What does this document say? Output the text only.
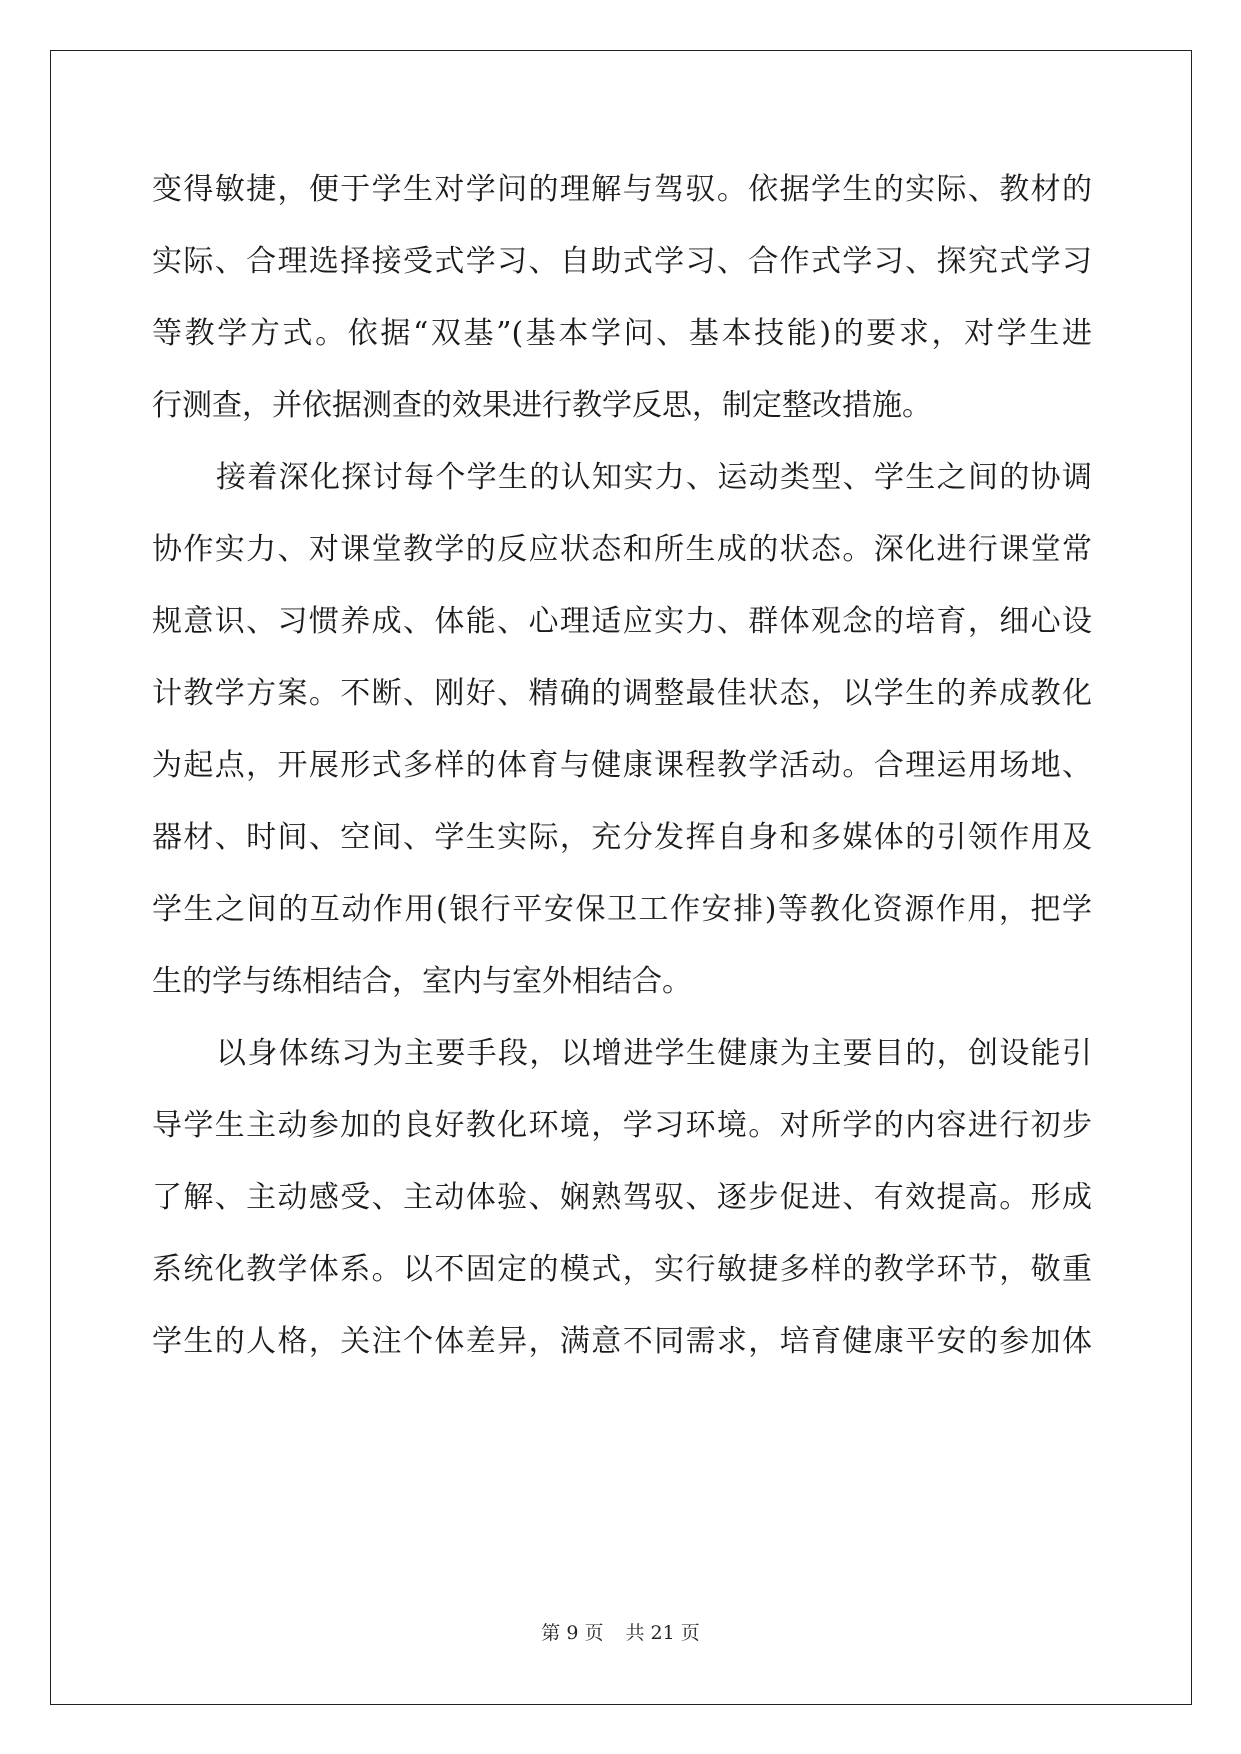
变得敏捷，便于学生对学问的理解与驾驭。依据学生的实际、教材的
实际、合理选择接受式学习、自助式学习、合作式学习、探究式学习
等教学方式。依据“双基”(基本学问、基本技能)的要求，对学生进
行测查，并依据测查的效果进行教学反思，制定整改措施。
接着深化探讨每个学生的认知实力、运动类型、学生之间的协调
协作实力、对课堂教学的反应状态和所生成的状态。深化进行课堂常
规意识、习惯养成、体能、心理适应实力、群体观念的培育，细心设
计教学方案。不断、刚好、精确的调整最佳状态，以学生的养成教化
为起点，开展形式多样的体育与健康课程教学活动。合理运用场地、
器材、时间、空间、学生实际，充分发挥自身和多媒体的引领作用及
学生之间的互动作用(银行平安保卫工作安排)等教化资源作用，把学
生的学与练相结合，室内与室外相结合。
以身体练习为主要手段，以增进学生健康为主要目的，创设能引
导学生主动参加的良好教化环境，学习环境。对所学的内容进行初步
了解、主动感受、主动体验、娴熟驾驭、逐步促进、有效提高。形成
系统化教学体系。以不固定的模式，实行敏捷多样的教学环节，敬重
学生的人格，关注个体差异，满意不同需求，培育健康平安的参加体
第 9 页 共 21 页
